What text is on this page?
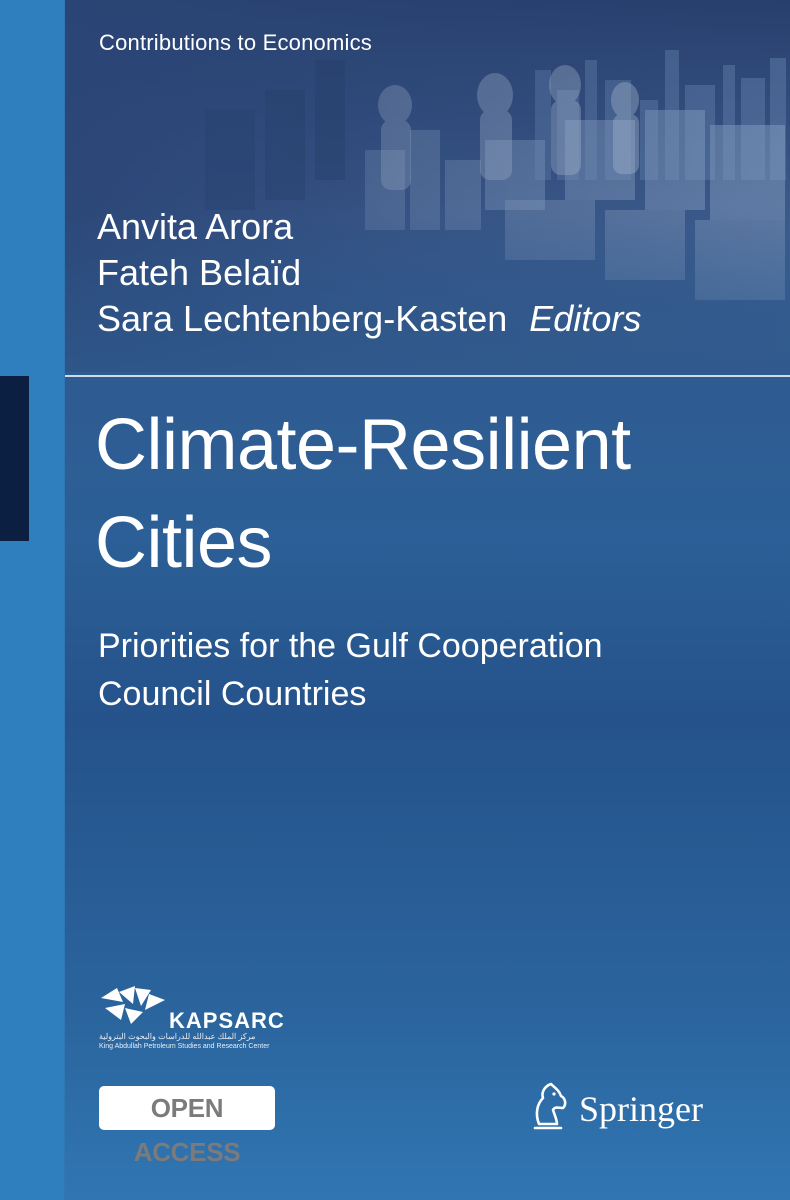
Contributions to Economics
Anvita Arora
Fateh Belaïd
Sara Lechtenberg-Kasten Editors
Climate-Resilient
Cities
Priorities for the Gulf Cooperation
Council Countries
KAPSARC
مركز الملك عبدالله للدراسات والبحوث البترولية
King Abdullah Petroleum Studies and Research Center
OPEN ACCESS
Springer
